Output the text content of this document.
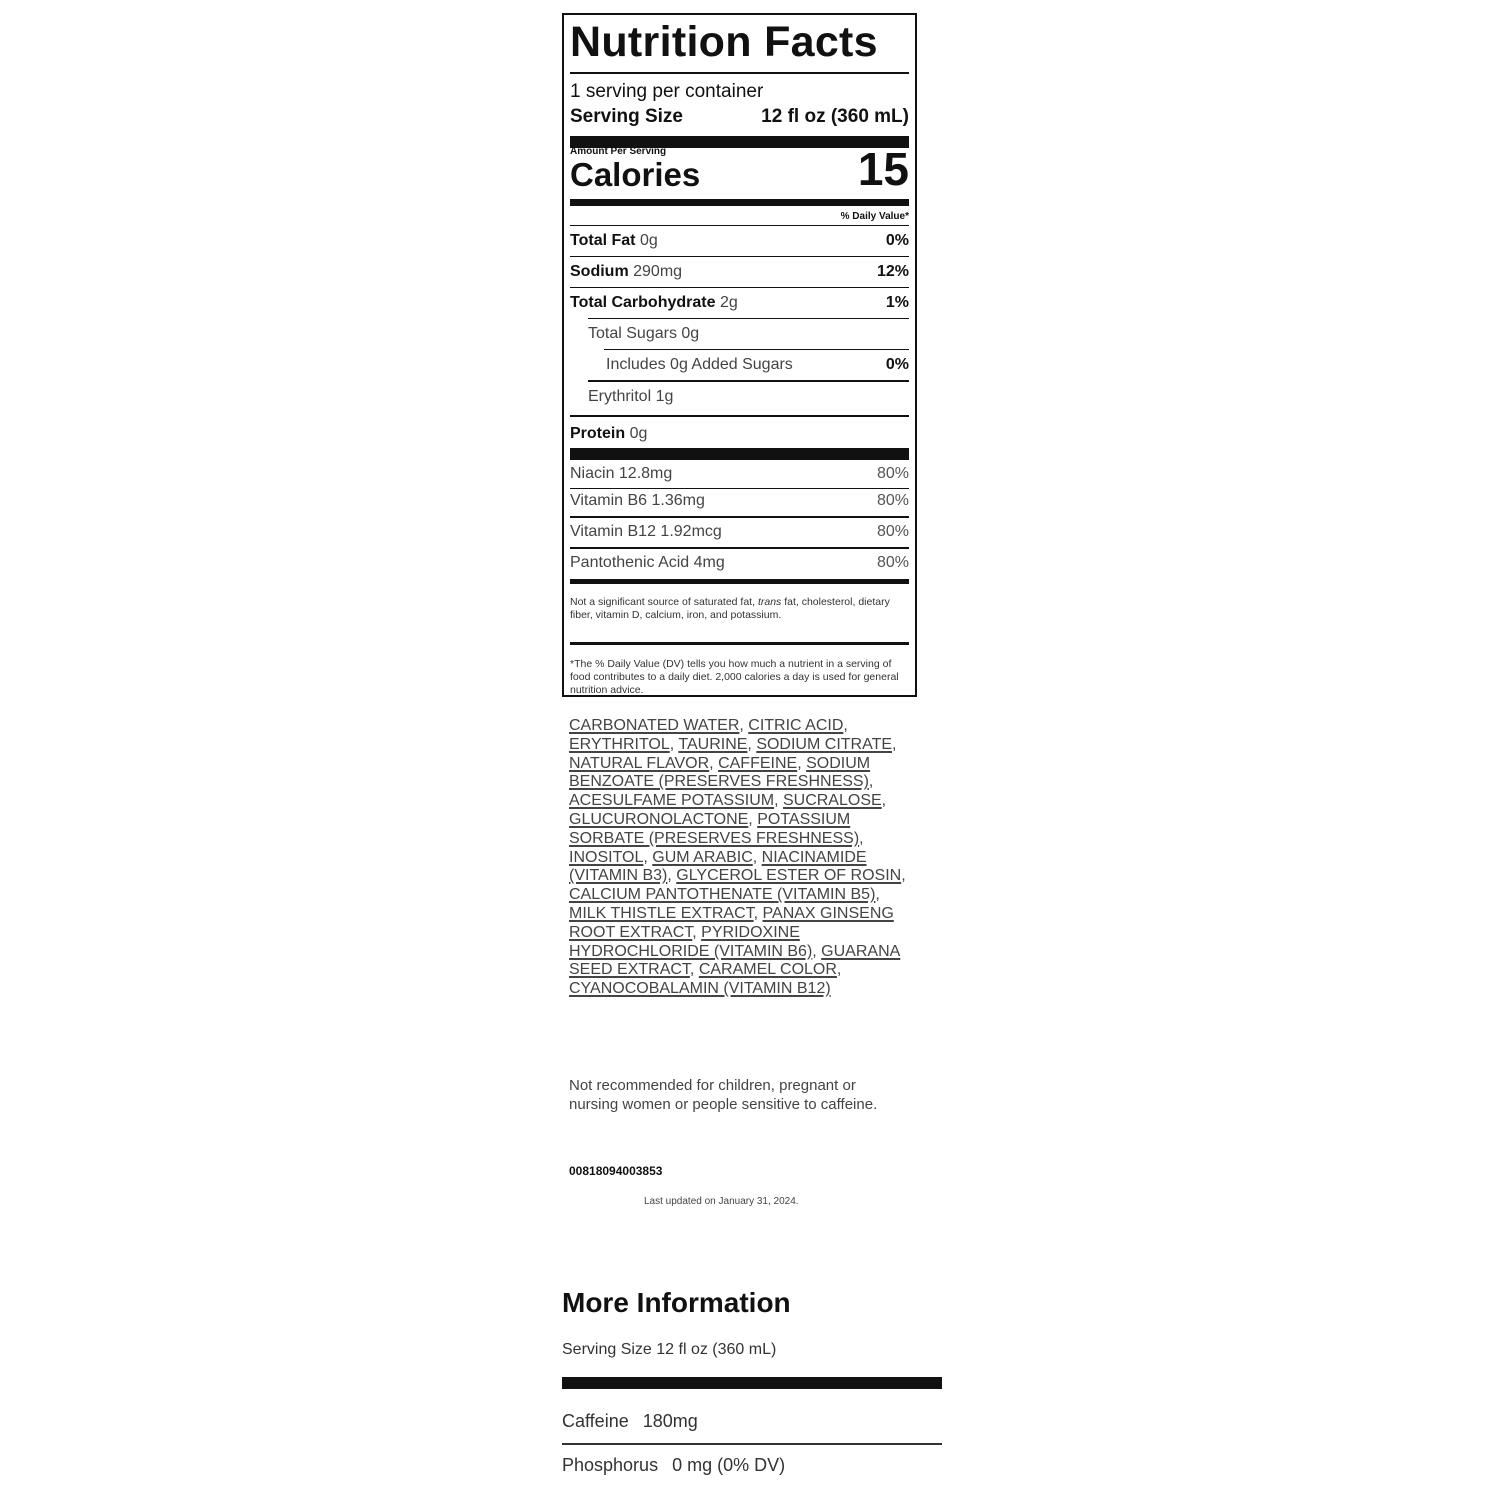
Nutrition Facts
1 serving per container
Serving Size	12 fl oz (360 mL)
Amount Per Serving
Calories	15
% Daily Value*
Total Fat 0g	0%
Sodium 290mg	12%
Total Carbohydrate 2g	1%
Total Sugars 0g
Includes 0g Added Sugars	0%
Erythritol 1g
Protein 0g
Niacin 12.8mg	80%
Vitamin B6 1.36mg	80%
Vitamin B12 1.92mcg	80%
Pantothenic Acid 4mg	80%
Not a significant source of saturated fat, trans fat, cholesterol, dietary fiber, vitamin D, calcium, iron, and potassium.
*The % Daily Value (DV) tells you how much a nutrient in a serving of food contributes to a daily diet. 2,000 calories a day is used for general nutrition advice.
CARBONATED WATER, CITRIC ACID, ERYTHRITOL, TAURINE, SODIUM CITRATE, NATURAL FLAVOR, CAFFEINE, SODIUM BENZOATE (PRESERVES FRESHNESS), ACESULFAME POTASSIUM, SUCRALOSE, GLUCURONOLACTONE, POTASSIUM SORBATE (PRESERVES FRESHNESS), INOSITOL, GUM ARABIC, NIACINAMIDE (VITAMIN B3), GLYCEROL ESTER OF ROSIN, CALCIUM PANTOTHENATE (VITAMIN B5), MILK THISTLE EXTRACT, PANAX GINSENG ROOT EXTRACT, PYRIDOXINE HYDROCHLORIDE (VITAMIN B6), GUARANA SEED EXTRACT, CARAMEL COLOR, CYANOCOBALAMIN (VITAMIN B12)
Not recommended for children, pregnant or nursing women or people sensitive to caffeine.
00818094003853
Last updated on January 31, 2024.
More Information
Serving Size 12 fl oz (360 mL)
Caffeine 180mg
Phosphorus 0 mg (0% DV)
